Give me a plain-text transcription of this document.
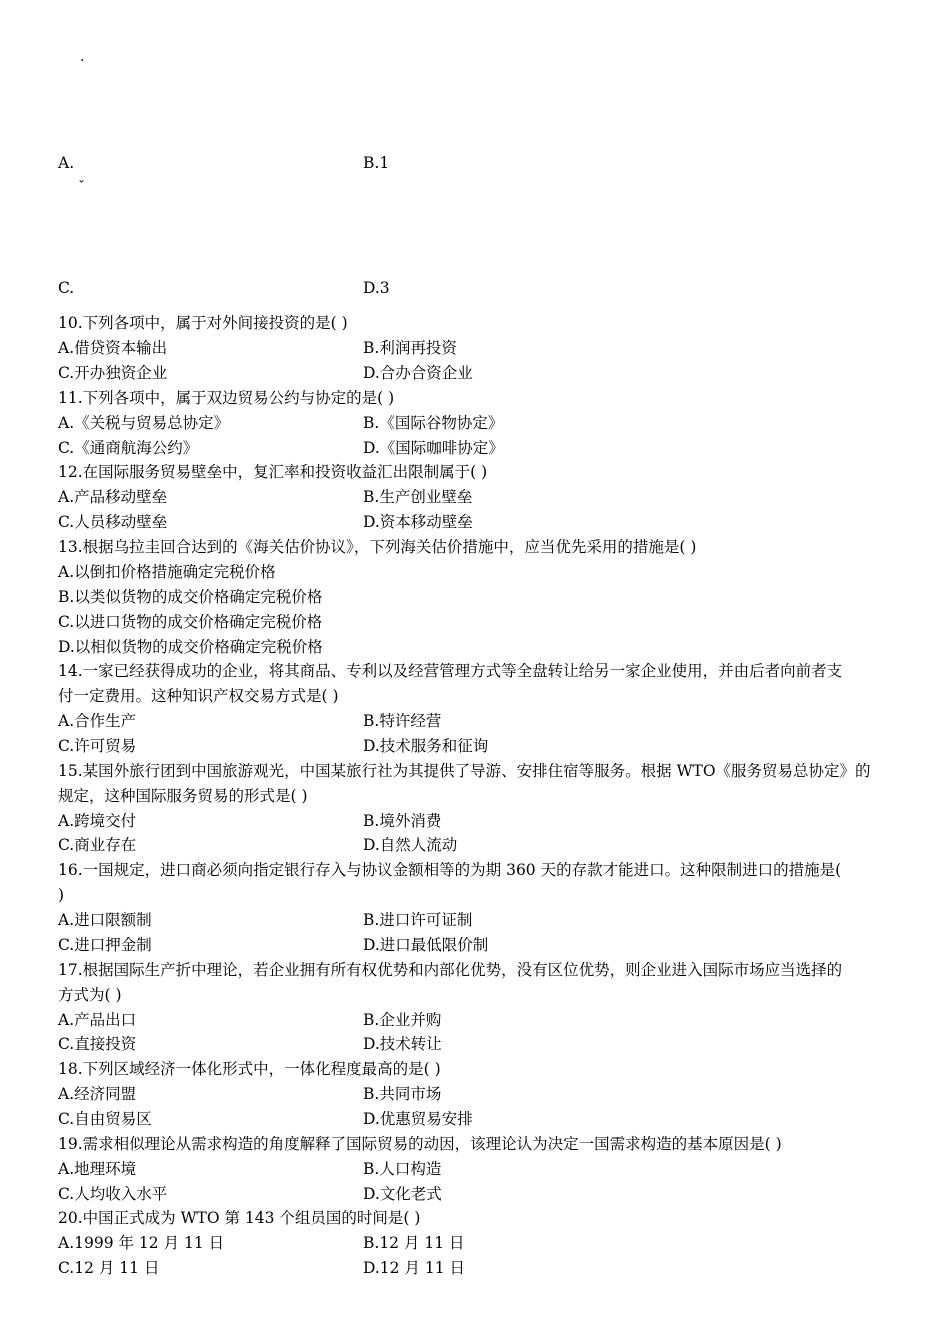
·
A.	B.1
ˇ
C.	D.3
10.下列各项中，属于对外间接投资的是( )
A.借贷资本输出	B.利润再投资
C.开办独资企业	D.合办合资企业
11.下列各项中，属于双边贸易公约与协定的是( )
A.《关税与贸易总协定》	B.《国际谷物协定》
C.《通商航海公约》	D.《国际咖啡协定》
12.在国际服务贸易壁垒中，复汇率和投资收益汇出限制属于( )
A.产品移动壁垒	B.生产创业壁垒
C.人员移动壁垒	D.资本移动壁垒
13.根据乌拉圭回合达到的《海关估价协议》，下列海关估价措施中，应当优先采用的措施是( )
A.以倒扣价格措施确定完税价格
B.以类似货物的成交价格确定完税价格
C.以进口货物的成交价格确定完税价格
D.以相似货物的成交价格确定完税价格
14.一家已经获得成功的企业，将其商品、专利以及经营管理方式等全盘转让给另一家企业使用，并由后者向前者支
付一定费用。这种知识产权交易方式是( )
A.合作生产	B.特许经营
C.许可贸易	D.技术服务和征询
15.某国外旅行团到中国旅游观光，中国某旅行社为其提供了导游、安排住宿等服务。根据 WTO《服务贸易总协定》的
规定，这种国际服务贸易的形式是( )
A.跨境交付	B.境外消费
C.商业存在	D.自然人流动
16.一国规定，进口商必须向指定银行存入与协议金额相等的为期 360 天的存款才能进口。这种限制进口的措施是(
)
A.进口限额制	B.进口许可证制
C.进口押金制	D.进口最低限价制
17.根据国际生产折中理论，若企业拥有所有权优势和内部化优势，没有区位优势，则企业进入国际市场应当选择的
方式为( )
A.产品出口	B.企业并购
C.直接投资	D.技术转让
18.下列区域经济一体化形式中，一体化程度最高的是( )
A.经济同盟	B.共同市场
C.自由贸易区	D.优惠贸易安排
19.需求相似理论从需求构造的角度解释了国际贸易的动因，该理论认为决定一国需求构造的基本原因是( )
A.地理环境	B.人口构造
C.人均收入水平	D.文化老式
20.中国正式成为 WTO 第 143 个组员国的时间是( )
A.1999 年 12 月 11 日	B.12 月 11 日
C.12 月 11 日	D.12 月 11 日
